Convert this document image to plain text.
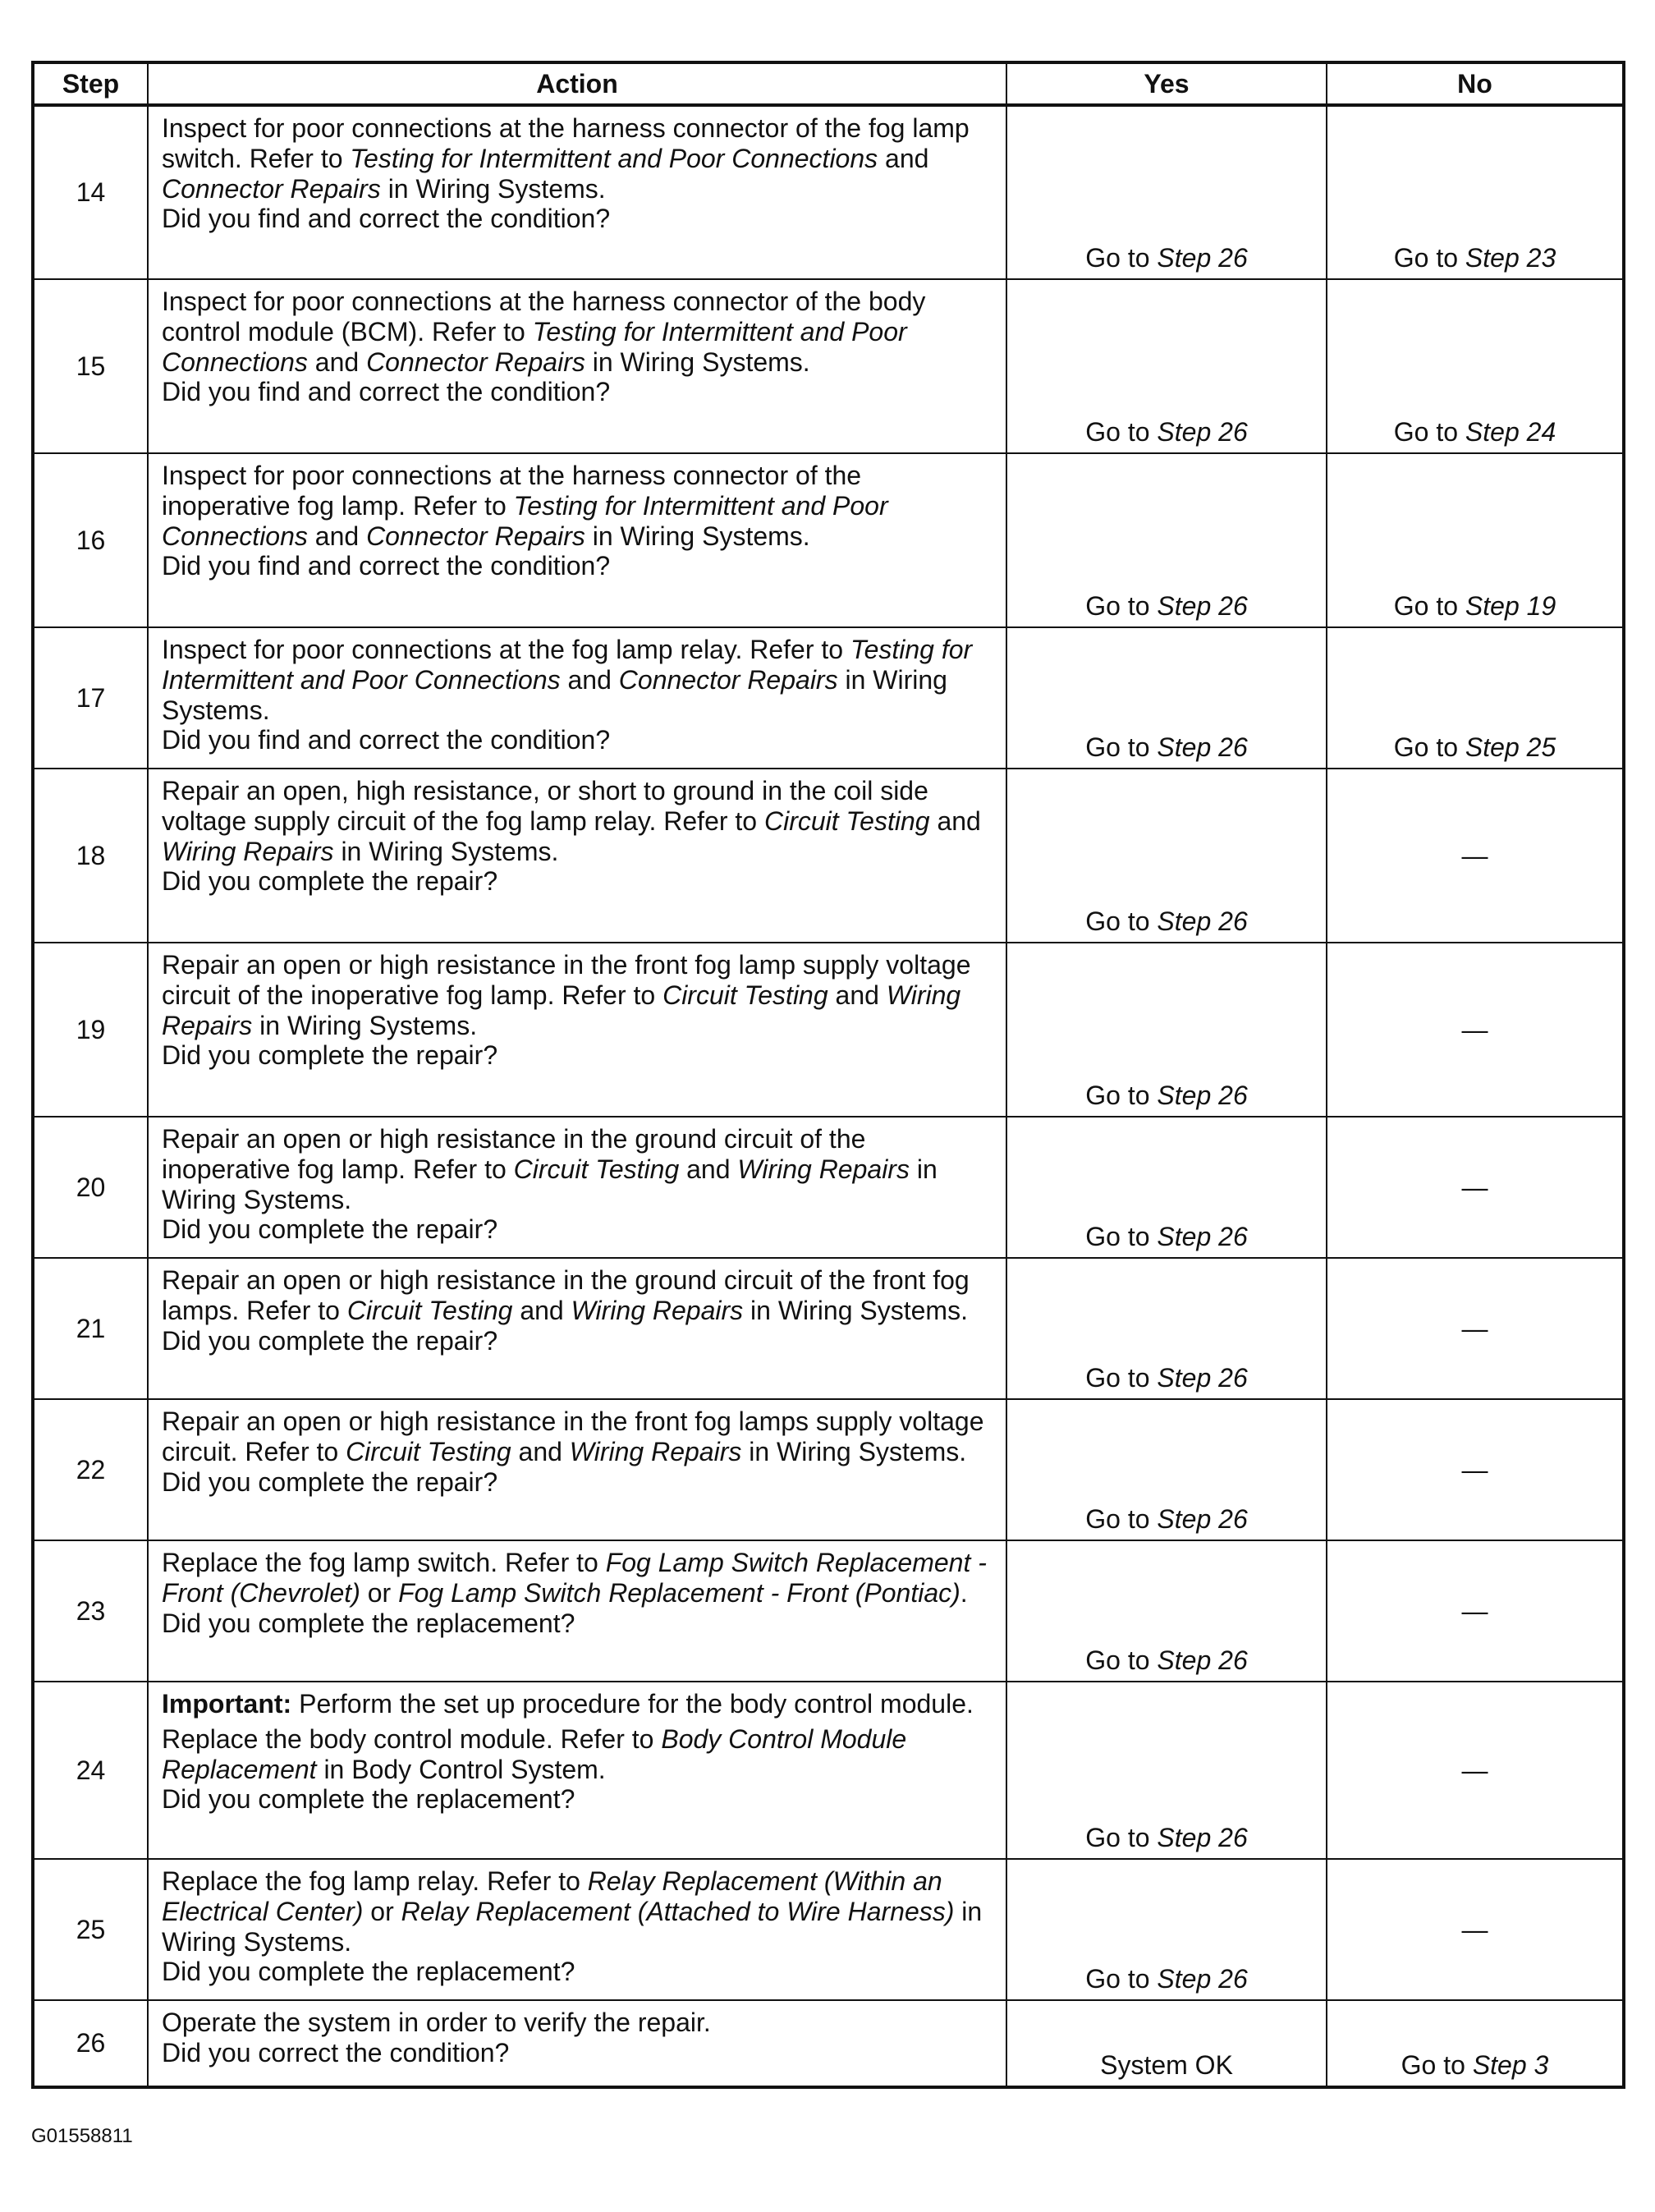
Step	Action	Yes	No
14	Inspect for poor connections at the harness connector of the fog lamp switch. Refer to Testing for Intermittent and Poor Connections and Connector Repairs in Wiring Systems.

Did you find and correct the condition?	Go to Step 26	Go to Step 23
15	Inspect for poor connections at the harness connector of the body control module (BCM). Refer to Testing for Intermittent and Poor Connections and Connector Repairs in Wiring Systems.

Did you find and correct the condition?	Go to Step 26	Go to Step 24
16	Inspect for poor connections at the harness connector of the inoperative fog lamp. Refer to Testing for Intermittent and Poor Connections and Connector Repairs in Wiring Systems.

Did you find and correct the condition?	Go to Step 26	Go to Step 19
17	Inspect for poor connections at the fog lamp relay. Refer to Testing for Intermittent and Poor Connections and Connector Repairs in Wiring Systems.

Did you find and correct the condition?	Go to Step 26	Go to Step 25
18	Repair an open, high resistance, or short to ground in the coil side voltage supply circuit of the fog lamp relay. Refer to Circuit Testing and Wiring Repairs in Wiring Systems.

Did you complete the repair?	Go to Step 26	—
19	Repair an open or high resistance in the front fog lamp supply voltage circuit of the inoperative fog lamp. Refer to Circuit Testing and Wiring Repairs in Wiring Systems.

Did you complete the repair?	Go to Step 26	—
20	Repair an open or high resistance in the ground circuit of the inoperative fog lamp. Refer to Circuit Testing and Wiring Repairs in Wiring Systems.

Did you complete the repair?	Go to Step 26	—
21	Repair an open or high resistance in the ground circuit of the front fog lamps. Refer to Circuit Testing and Wiring Repairs in Wiring Systems.

Did you complete the repair?	Go to Step 26	—
22	Repair an open or high resistance in the front fog lamps supply voltage circuit. Refer to Circuit Testing and Wiring Repairs in Wiring Systems.

Did you complete the repair?	Go to Step 26	—
23	Replace the fog lamp switch. Refer to Fog Lamp Switch Replacement - Front (Chevrolet) or Fog Lamp Switch Replacement - Front (Pontiac).

Did you complete the replacement?	Go to Step 26	—
24	Important: Perform the set up procedure for the body control module.

Replace the body control module. Refer to Body Control Module Replacement in Body Control System.

Did you complete the replacement?	Go to Step 26	—
25	Replace the fog lamp relay. Refer to Relay Replacement (Within an Electrical Center) or Relay Replacement (Attached to Wire Harness) in Wiring Systems.

Did you complete the replacement?	Go to Step 26	—
26	Operate the system in order to verify the repair.

Did you correct the condition?	System OK	Go to Step 3
G01558811
